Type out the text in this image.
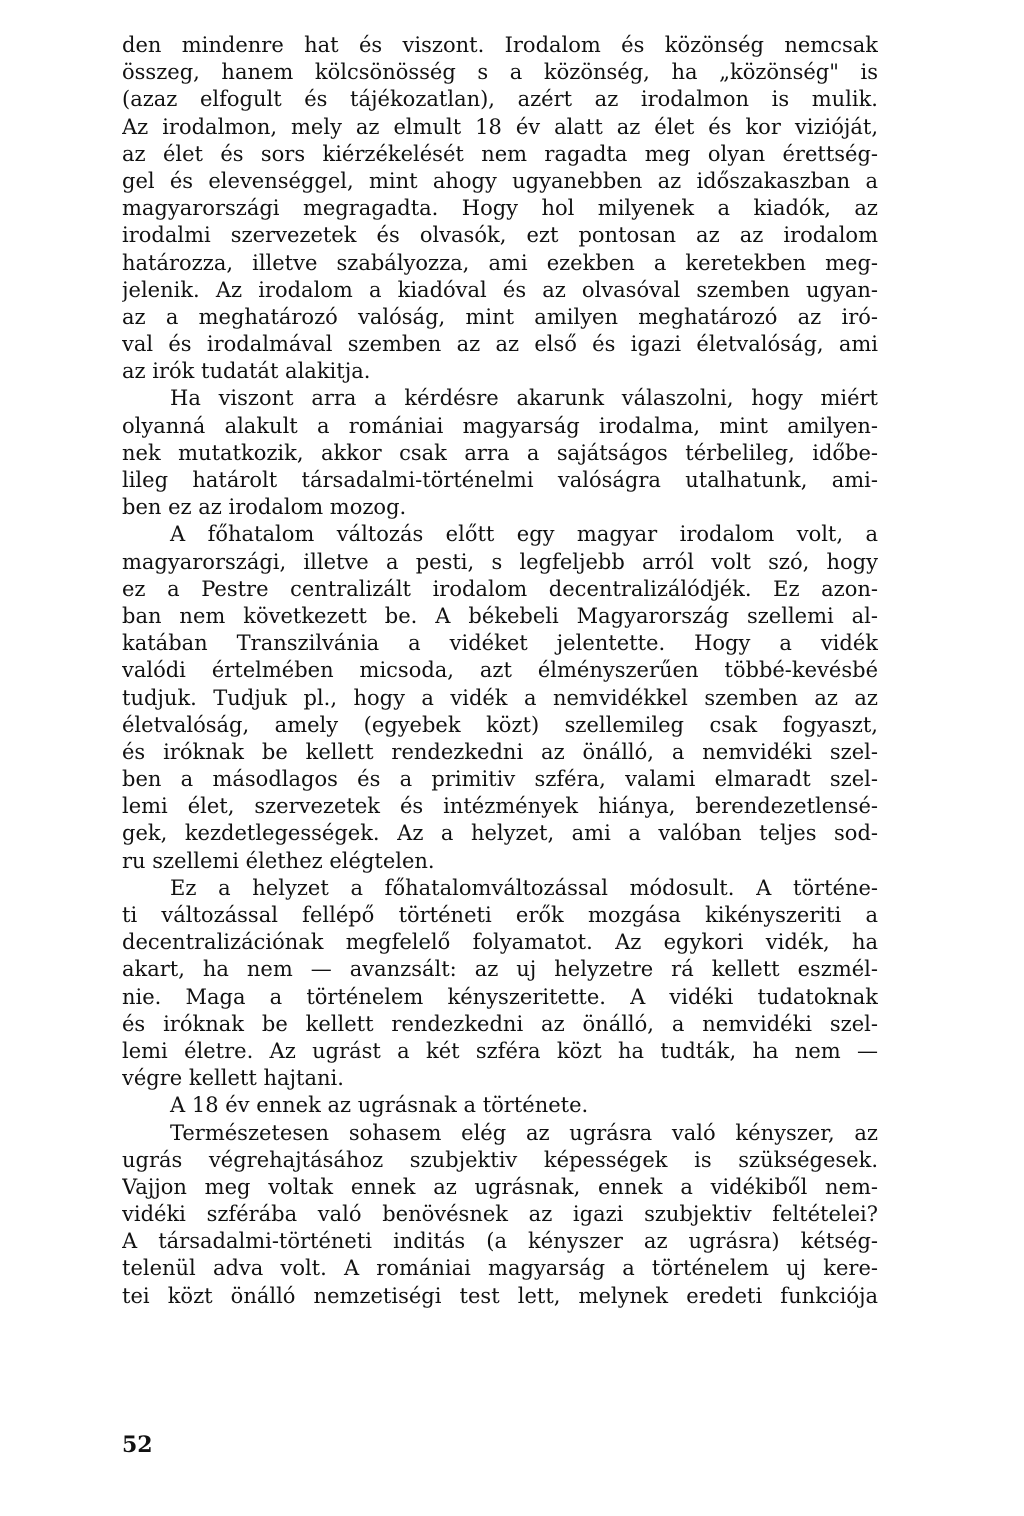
den mindenre hat és viszont. Irodalom és közönség nemcsak
összeg, hanem kölcsönösség s a közönség, ha „közönség" is
(azaz elfogult és tájékozatlan), azért az irodalmon is mulik.
Az irodalmon, mely az elmult 18 év alatt az élet és kor vizióját,
az élet és sors kiérzékelését nem ragadta meg olyan érettség-
gel és elevenséggel, mint ahogy ugyanebben az időszakaszban a
magyarországi megragadta. Hogy hol milyenek a kiadók, az
irodalmi szervezetek és olvasók, ezt pontosan az az irodalom
határozza, illetve szabályozza, ami ezekben a keretekben meg-
jelenik. Az irodalom a kiadóval és az olvasóval szemben ugyan-
az a meghatározó valóság, mint amilyen meghatározó az iró-
val és irodalmával szemben az az első és igazi életvalóság, ami
az irók tudatát alakitja.
Ha viszont arra a kérdésre akarunk válaszolni, hogy miért
olyanná alakult a romániai magyarság irodalma, mint amilyen-
nek mutatkozik, akkor csak arra a sajátságos térbelileg, időbe-
lileg határolt társadalmi-történelmi valóságra utalhatunk, ami-
ben ez az irodalom mozog.
A főhatalom változás előtt egy magyar irodalom volt, a
magyarországi, illetve a pesti, s legfeljebb arról volt szó, hogy
ez a Pestre centralizált irodalom decentralizálódjék. Ez azon-
ban nem következett be. A békebeli Magyarország szellemi al-
katában Transzilvánia a vidéket jelentette. Hogy a vidék
valódi értelmében micsoda, azt élményszerűen többé-kevésbé
tudjuk. Tudjuk pl., hogy a vidék a nemvidékkel szemben az az
életvalóság, amely (egyebek közt) szellemileg csak fogyaszt,
és iróknak be kellett rendezkedni az önálló, a nemvidéki szel-
ben a másodlagos és a primitiv szféra, valami elmaradt szel-
lemi élet, szervezetek és intézmények hiánya, berendezetlensé-
gek, kezdetlegességek. Az a helyzet, ami a valóban teljes sod-
ru szellemi élethez elégtelen.
Ez a helyzet a főhatalomváltozással módosult. A történe-
ti változással fellépő történeti erők mozgása kikényszeriti a
decentralizációnak megfelelő folyamatot. Az egykori vidék, ha
akart, ha nem — avanzsált: az uj helyzetre rá kellett eszmél-
nie. Maga a történelem kényszeritette. A vidéki tudatoknak
és iróknak be kellett rendezkedni az önálló, a nemvidéki szel-
lemi életre. Az ugrást a két szféra közt ha tudták, ha nem —
végre kellett hajtani.
A 18 év ennek az ugrásnak a története.
Természetesen sohasem elég az ugrásra való kényszer, az
ugrás végrehajtásához szubjektiv képességek is szükségesek.
Vajjon meg voltak ennek az ugrásnak, ennek a vidékiből nem-
vidéki szférába való benövésnek az igazi szubjektiv feltételei?
A társadalmi-történeti inditás (a kényszer az ugrásra) kétség-
telenül adva volt. A romániai magyarság a történelem uj kere-
tei közt önálló nemzetiségi test lett, melynek eredeti funkciója
52
